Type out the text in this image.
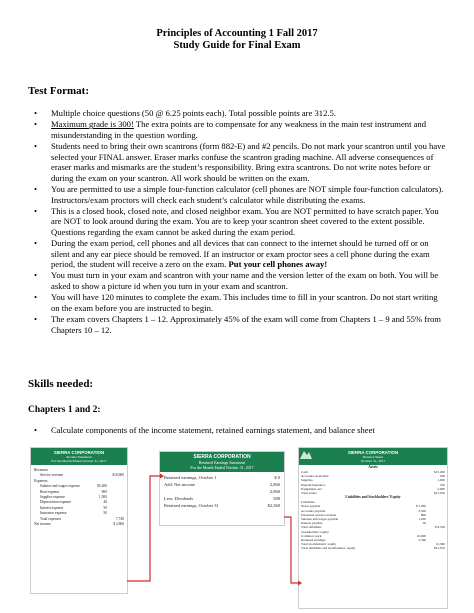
Principles of Accounting 1 Fall 2017
Study Guide for Final Exam
Test Format:
• Multiple choice questions (50 @ 6.25 points each). Total possible points are 312.5.
• Maximum grade is 300! The extra points are to compensate for any weakness in the main test instrument and misunderstanding in the question wording.
• Students need to bring their own scantrons (form 882-E) and #2 pencils. Do not mark your scantron until you have selected your FINAL answer. Eraser marks confuse the scantron grading machine. All adverse consequences of eraser marks and mismarks are the student’s responsibility. Bring extra scantrons. Do not write notes before or during the exam on your scantron. All work should be written on the exam.
• You are permitted to use a simple four-function calculator (cell phones are NOT simple four-function calculators). Instructors/exam proctors will check each student’s calculator while distributing the exams.
• This is a closed book, closed note, and closed neighbor exam. You are NOT permitted to have scratch paper. You are NOT to look around during the exam. You are to keep your scantron sheet covered to the extent possible. Questions regarding the exam cannot be asked during the exam period.
• During the exam period, cell phones and all devices that can connect to the internet should be turned off or on silent and any ear piece should be removed. If an instructor or exam proctor sees a cell phone during the exam period, the student will receive a zero on the exam. Put your cell phones away!
• You must turn in your exam and scantron with your name and the version letter of the exam on both. You will be asked to show a picture id when you turn in your exam and scantron.
• You will have 120 minutes to complete the exam. This includes time to fill in your scantron. Do not start writing on the exam before you are instructed to begin.
• The exam covers Chapters 1 – 12. Approximately 45% of the exam will come from Chapters 1 – 9 and 55% from Chapters 10 – 12.
Skills needed:
Chapters 1 and 2:
• Calculate components of the income statement, retained earnings statement, and balance sheet
SIERRA CORPORATION
Income Statement
For the Month Ended October 31, 2017
Revenues
Service revenue	$10,600
Expenses
Salaries and wages expense	$5,200
Rent expense	900
Supplies expense	1,500
Depreciation expense	40
Interest expense	50
Insurance expense	50
Total expenses	7,740
Net income	$ 2,860
SIERRA CORPORATION
Retained Earnings Statement
For the Month Ended October 31, 2017
Retained earnings, October 1	$ 0
Add: Net income	2,860
2,860
Less: Dividends	500
Retained earnings, October 31	$2,360
SIERRA CORPORATION
Balance Sheet
October 31, 2017
Assets
Cash	$15,200
Accounts receivable	200
Supplies	1,000
Prepaid insurance	550
Equipment, net	4,960
Total assets	$21,910
Liabilities and Stockholders’ Equity
Liabilities
Notes payable	$ 5,000
Accounts payable	2,500
Unearned service revenue	800
Salaries and wages payable	1,200
Interest payable	50
Total liabilities	$ 9,550
Stockholders’ equity
Common stock	10,000
Retained earnings	2,360
Total stockholders’ equity	12,360
Total liabilities and stockholders’ equity	$21,910
